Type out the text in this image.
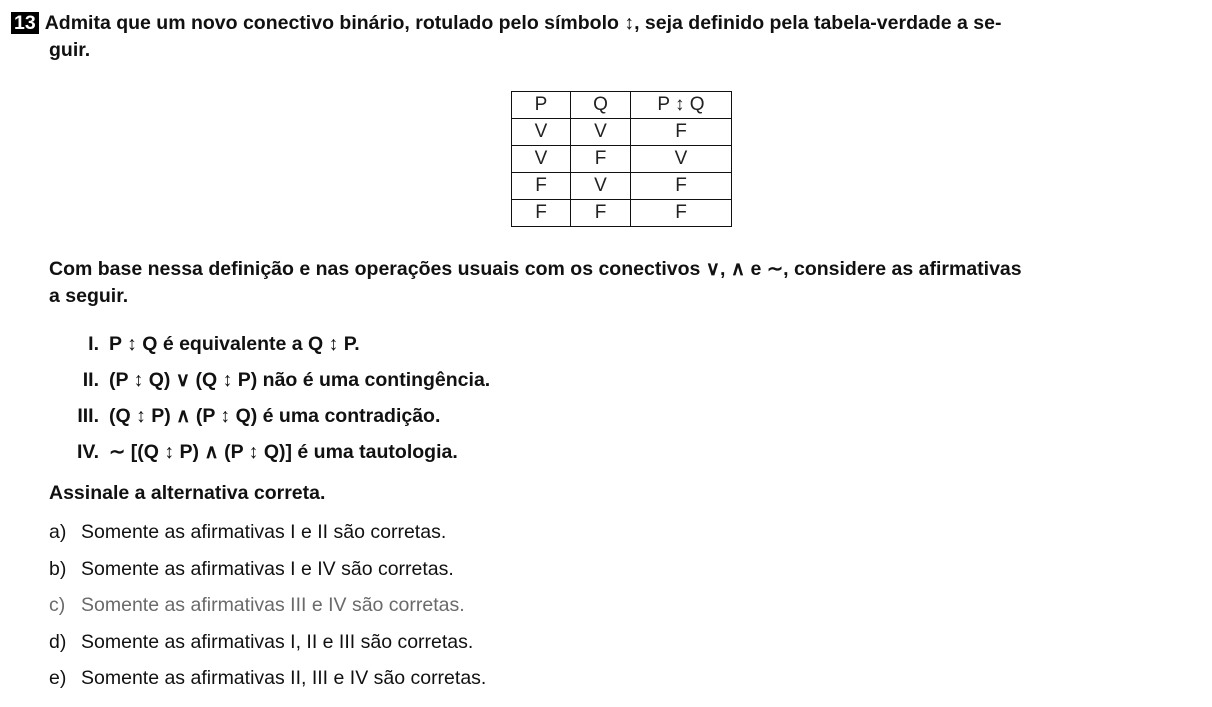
13 Admita que um novo conectivo binário, rotulado pelo símbolo ↕, seja definido pela tabela-verdade a se-
guir.
P	Q	P ↕ Q
V	V	F
V	F	V
F	V	F
F	F	F
Com base nessa definição e nas operações usuais com os conectivos ∨, ∧ e ∼, considere as afirmativas
a seguir.
I. P ↕ Q é equivalente a Q ↕ P.
II. (P ↕ Q) ∨ (Q ↕ P) não é uma contingência.
III. (Q ↕ P) ∧ (P ↕ Q) é uma contradição.
IV. ∼ [(Q ↕ P) ∧ (P ↕ Q)] é uma tautologia.
Assinale a alternativa correta.
a) Somente as afirmativas I e II são corretas.
b) Somente as afirmativas I e IV são corretas.
c) Somente as afirmativas III e IV são corretas.
d) Somente as afirmativas I, II e III são corretas.
e) Somente as afirmativas II, III e IV são corretas.
